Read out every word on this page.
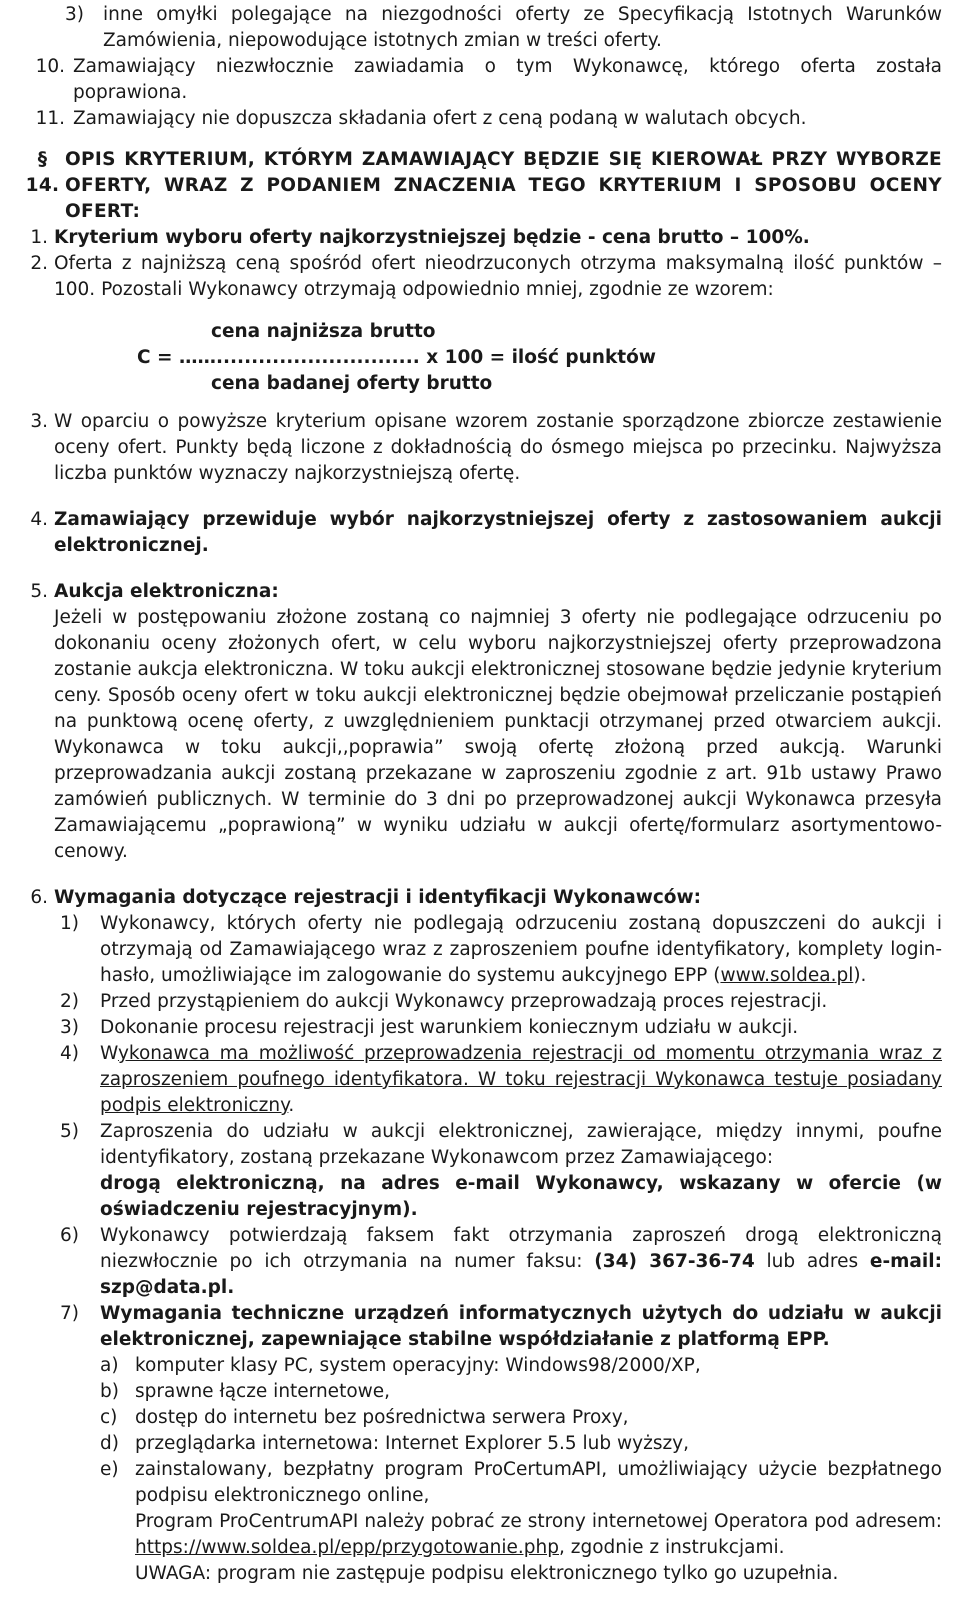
3)	inne omyłki polegające na niezgodności oferty ze Specyfikacją Istotnych Warunków Zamówienia, niepowodujące istotnych zmian w treści oferty.
10. Zamawiający niezwłocznie zawiadamia o tym Wykonawcę, którego oferta została poprawiona.
11. Zamawiający nie dopuszcza składania ofert z ceną podaną w walutach obcych.
§ 14.
OPIS KRYTERIUM, KTÓRYM ZAMAWIAJĄCY BĘDZIE SIĘ KIEROWAŁ PRZY WYBORZE OFERTY, WRAZ Z PODANIEM ZNACZENIA TEGO KRYTERIUM I SPOSOBU OCENY OFERT:
1. Kryterium wyboru oferty najkorzystniejszej będzie - cena brutto – 100%.
2. Oferta z najniższą ceną spośród ofert nieodrzuconych otrzyma maksymalną ilość punktów – 100. Pozostali Wykonawcy otrzymają odpowiednio mniej, zgodnie ze wzorem:
cena najniższa brutto
C = ……............................. x 100 = ilość punktów
cena badanej oferty brutto
3. W oparciu o powyższe kryterium opisane wzorem zostanie sporządzone zbiorcze zestawienie oceny ofert. Punkty będą liczone z dokładnością do ósmego miejsca po przecinku. Najwyższa liczba punktów wyznaczy najkorzystniejszą ofertę.
4. Zamawiający przewiduje wybór najkorzystniejszej oferty z zastosowaniem aukcji elektronicznej.
5. Aukcja elektroniczna:
Jeżeli w postępowaniu złożone zostaną co najmniej 3 oferty nie podlegające odrzuceniu po dokonaniu oceny złożonych ofert, w celu wyboru najkorzystniejszej oferty przeprowadzona zostanie aukcja elektroniczna. W toku aukcji elektronicznej stosowane będzie jedynie kryterium ceny. Sposób oceny ofert w toku aukcji elektronicznej będzie obejmował przeliczanie postąpień na punktową ocenę oferty, z uwzględnieniem punktacji otrzymanej przed otwarciem aukcji. Wykonawca w toku aukcji,,poprawia” swoją ofertę złożoną przed aukcją. Warunki przeprowadzania aukcji zostaną przekazane w zaproszeniu zgodnie z art. 91b ustawy Prawo zamówień publicznych. W terminie do 3 dni po przeprowadzonej aukcji Wykonawca przesyła Zamawiającemu „poprawioną” w wyniku udziału w aukcji ofertę/formularz asortymentowo-cenowy.
6. Wymagania dotyczące rejestracji i identyfikacji Wykonawców:
1)	Wykonawcy, których oferty nie podlegają odrzuceniu zostaną dopuszczeni do aukcji i otrzymają od Zamawiającego wraz z zaproszeniem poufne identyfikatory, komplety login-hasło, umożliwiające im zalogowanie do systemu aukcyjnego EPP (www.soldea.pl).
2)	Przed przystąpieniem do aukcji Wykonawcy przeprowadzają proces rejestracji.
3)	Dokonanie procesu rejestracji jest warunkiem koniecznym udziału w aukcji.
4)	Wykonawca ma możliwość przeprowadzenia rejestracji od momentu otrzymania wraz z zaproszeniem poufnego identyfikatora. W toku rejestracji Wykonawca testuje posiadany podpis elektroniczny.
5)	Zaproszenia do udziału w aukcji elektronicznej, zawierające, między innymi, poufne identyfikatory, zostaną przekazane Wykonawcom przez Zamawiającego:
drogą elektroniczną, na adres e-mail Wykonawcy, wskazany w ofercie (w oświadczeniu rejestracyjnym).
6)	Wykonawcy potwierdzają faksem fakt otrzymania zaproszeń drogą elektroniczną niezwłocznie po ich otrzymania na numer faksu: (34) 367-36-74 lub adres e-mail: szp@data.pl.
7)	Wymagania techniczne urządzeń informatycznych użytych do udziału w aukcji elektronicznej, zapewniające stabilne współdziałanie z platformą EPP.
a) komputer klasy PC, system operacyjny: Windows98/2000/XP,
b) sprawne łącze internetowe,
c) dostęp do internetu bez pośrednictwa serwera Proxy,
d) przeglądarka internetowa: Internet Explorer 5.5 lub wyższy,
e) zainstalowany, bezpłatny program ProCertumAPI, umożliwiający użycie bezpłatnego podpisu elektronicznego online,
Program ProCentrumAPI należy pobrać ze strony internetowej Operatora pod adresem: https://www.soldea.pl/epp/przygotowanie.php, zgodnie z instrukcjami.
UWAGA: program nie zastępuje podpisu elektronicznego tylko go uzupełnia.
